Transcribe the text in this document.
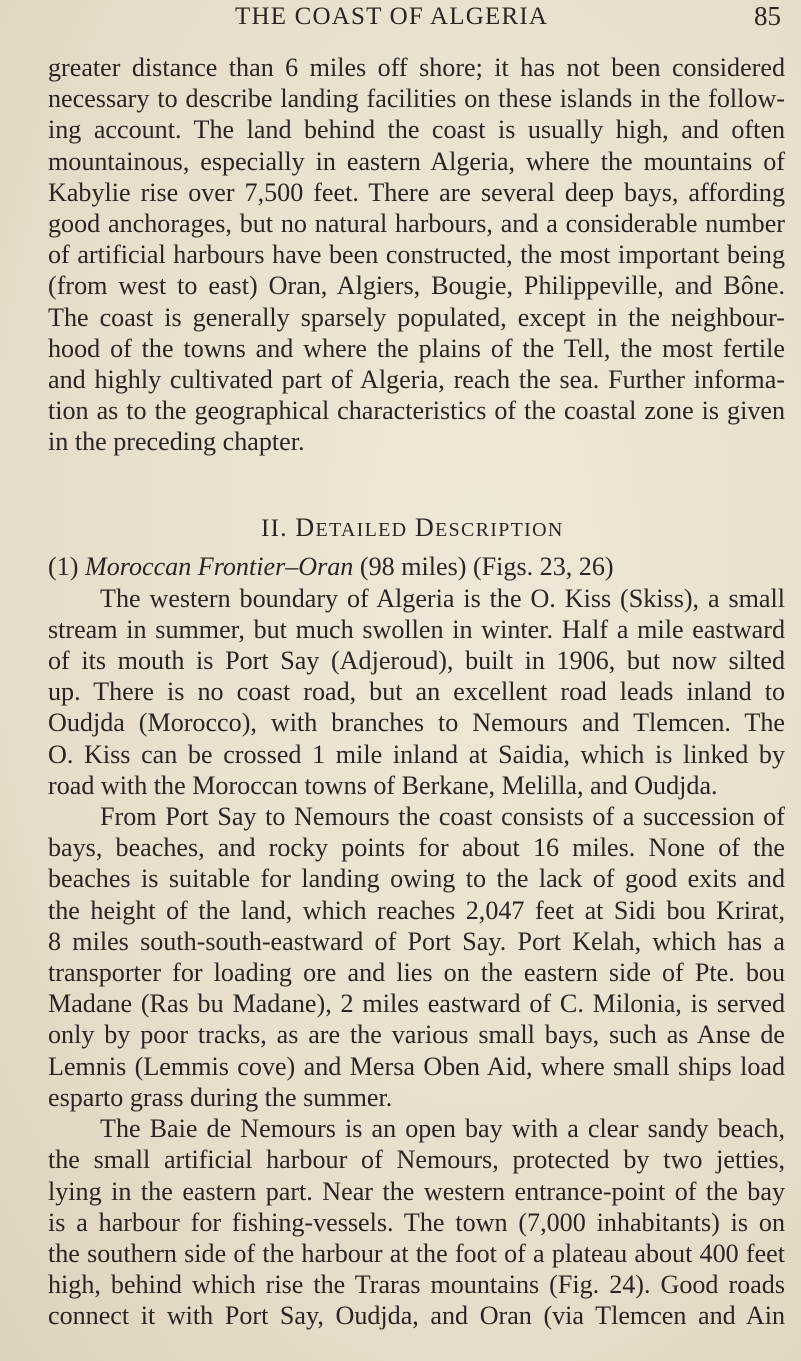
THE COAST OF ALGERIA	85
greater distance than 6 miles off shore; it has not been considered
necessary to describe landing facilities on these islands in the follow-
ing account. The land behind the coast is usually high, and often
mountainous, especially in eastern Algeria, where the mountains of
Kabylie rise over 7,500 feet. There are several deep bays, affording
good anchorages, but no natural harbours, and a considerable number
of artificial harbours have been constructed, the most important being
(from west to east) Oran, Algiers, Bougie, Philippeville, and Bône.
The coast is generally sparsely populated, except in the neighbour-
hood of the towns and where the plains of the Tell, the most fertile
and highly cultivated part of Algeria, reach the sea. Further informa-
tion as to the geographical characteristics of the coastal zone is given
in the preceding chapter.
II. DETAILED DESCRIPTION
(1) Moroccan Frontier–Oran (98 miles) (Figs. 23, 26)
The western boundary of Algeria is the O. Kiss (Skiss), a small
stream in summer, but much swollen in winter. Half a mile eastward
of its mouth is Port Say (Adjeroud), built in 1906, but now silted
up. There is no coast road, but an excellent road leads inland to
Oudjda (Morocco), with branches to Nemours and Tlemcen. The
O. Kiss can be crossed 1 mile inland at Saidia, which is linked by
road with the Moroccan towns of Berkane, Melilla, and Oudjda.
From Port Say to Nemours the coast consists of a succession of
bays, beaches, and rocky points for about 16 miles. None of the
beaches is suitable for landing owing to the lack of good exits and
the height of the land, which reaches 2,047 feet at Sidi bou Krirat,
8 miles south-south-eastward of Port Say. Port Kelah, which has a
transporter for loading ore and lies on the eastern side of Pte. bou
Madane (Ras bu Madane), 2 miles eastward of C. Milonia, is served
only by poor tracks, as are the various small bays, such as Anse de
Lemnis (Lemmis cove) and Mersa Oben Aid, where small ships load
esparto grass during the summer.
The Baie de Nemours is an open bay with a clear sandy beach,
the small artificial harbour of Nemours, protected by two jetties,
lying in the eastern part. Near the western entrance-point of the bay
is a harbour for fishing-vessels. The town (7,000 inhabitants) is on
the southern side of the harbour at the foot of a plateau about 400 feet
high, behind which rise the Traras mountains (Fig. 24). Good roads
connect it with Port Say, Oudjda, and Oran (via Tlemcen and Ain
